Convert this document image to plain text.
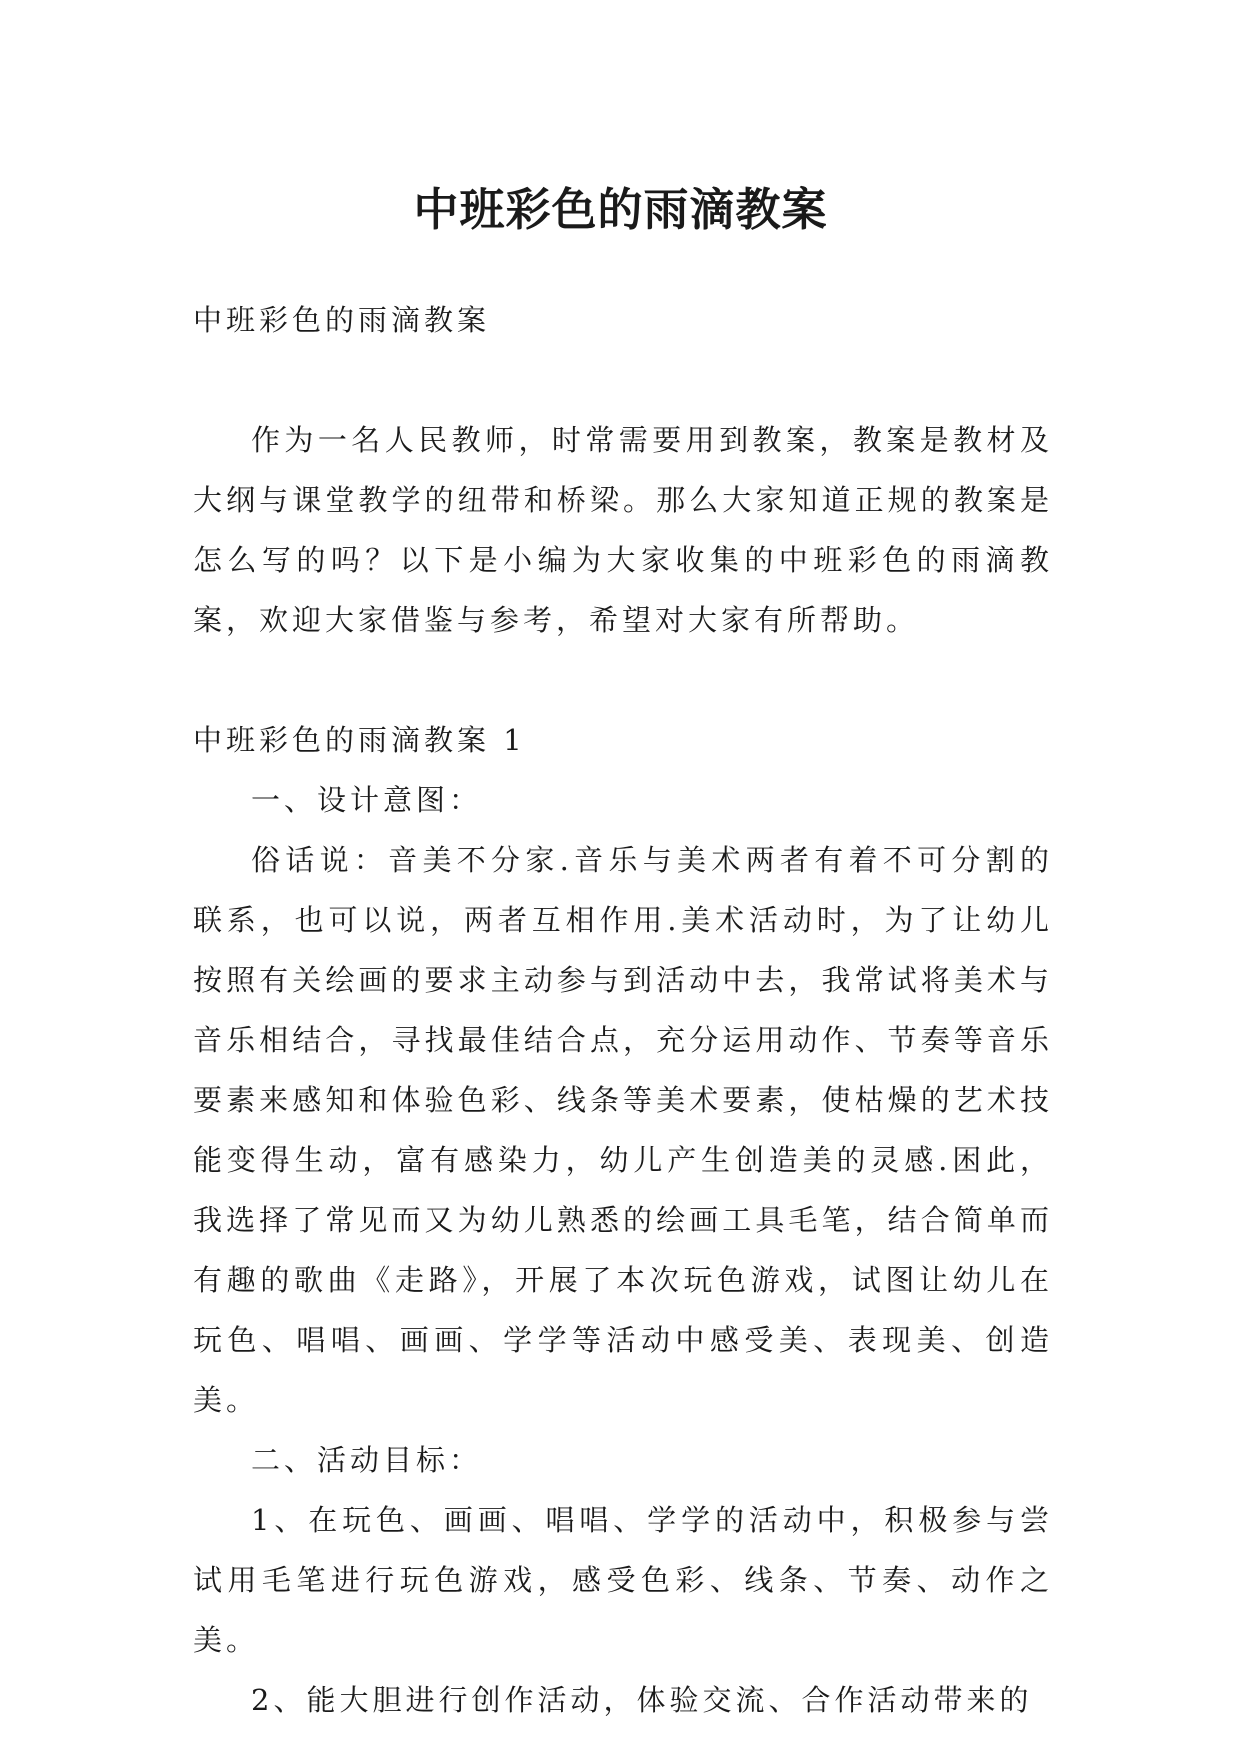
中班彩色的雨滴教案

中班彩色的雨滴教案

作为一名人民教师，时常需要用到教案，教案是教材及大纲与课堂教学的纽带和桥梁。那么大家知道正规的教案是怎么写的吗？以下是小编为大家收集的中班彩色的雨滴教案，欢迎大家借鉴与参考，希望对大家有所帮助。

中班彩色的雨滴教案 1

一、设计意图：

俗话说：音美不分家.音乐与美术两者有着不可分割的联系，也可以说，两者互相作用.美术活动时，为了让幼儿按照有关绘画的要求主动参与到活动中去，我常试将美术与音乐相结合，寻找最佳结合点，充分运用动作、节奏等音乐要素来感知和体验色彩、线条等美术要素，使枯燥的艺术技能变得生动，富有感染力，幼儿产生创造美的灵感.困此，我选择了常见而又为幼儿熟悉的绘画工具毛笔，结合简单而有趣的歌曲《走路》，开展了本次玩色游戏，试图让幼儿在玩色、唱唱、画画、学学等活动中感受美、表现美、创造美。

二、活动目标：

1、在玩色、画画、唱唱、学学的活动中，积极参与尝试用毛笔进行玩色游戏，感受色彩、线条、节奏、动作之美。

2、能大胆进行创作活动，体验交流、合作活动带来的
